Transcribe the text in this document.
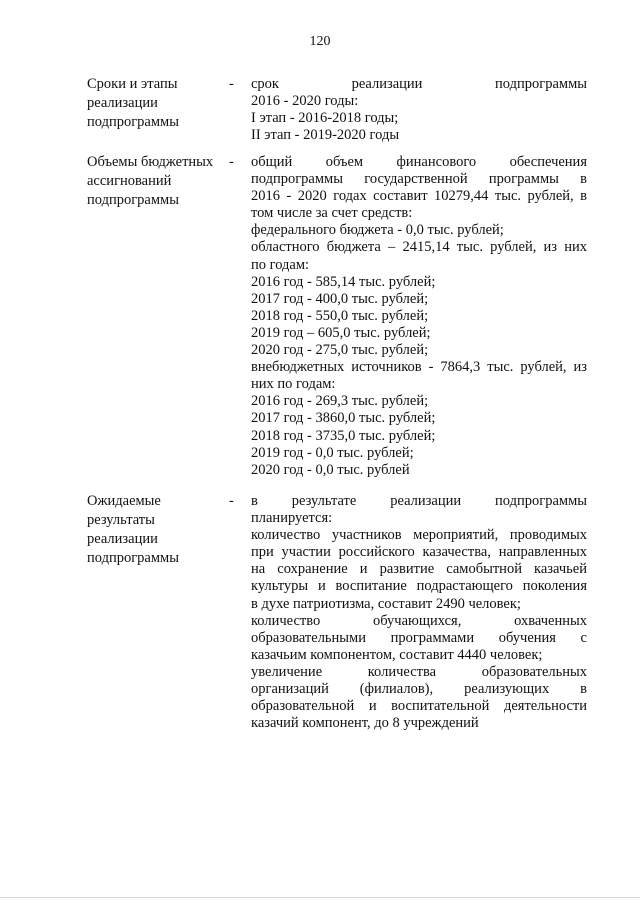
120
Сроки и этапы
реализации
подпрограммы
- срок реализации подпрограммы

2016 - 2020 годы:

I этап - 2016-2018 годы;

II этап - 2019-2020 годы

Объемы бюджетных
ассигнований
подпрограммы
- общий объем финансового обеспечения

подпрограммы государственной программы в

2016 - 2020 годах составит 10279,44 тыс. рублей, в

том числе за счет средств:

федерального бюджета - 0,0 тыс. рублей;

областного бюджета – 2415,14 тыс. рублей, из них

по годам:

2016 год - 585,14 тыс. рублей;

2017 год - 400,0 тыс. рублей;

2018 год - 550,0 тыс. рублей;

2019 год – 605,0 тыс. рублей;

2020 год - 275,0 тыс. рублей;

внебюджетных источников - 7864,3 тыс. рублей, из

них по годам:

2016 год - 269,3 тыс. рублей;

2017 год - 3860,0 тыс. рублей;

2018 год - 3735,0 тыс. рублей;

2019 год - 0,0 тыс. рублей;

2020 год - 0,0 тыс. рублей

Ожидаемые
результаты
реализации
подпрограммы
- в результате реализации подпрограммы

планируется:

количество участников мероприятий, проводимых

при участии российского казачества, направленных

на сохранение и развитие самобытной казачьей

культуры и воспитание подрастающего поколения

в духе патриотизма, составит 2490 человек;

количество обучающихся, охваченных

образовательными программами обучения с

казачьим компонентом, составит 4440 человек;

увеличение количества образовательных

организаций (филиалов), реализующих в

образовательной и воспитательной деятельности

казачий компонент, до 8 учреждений
